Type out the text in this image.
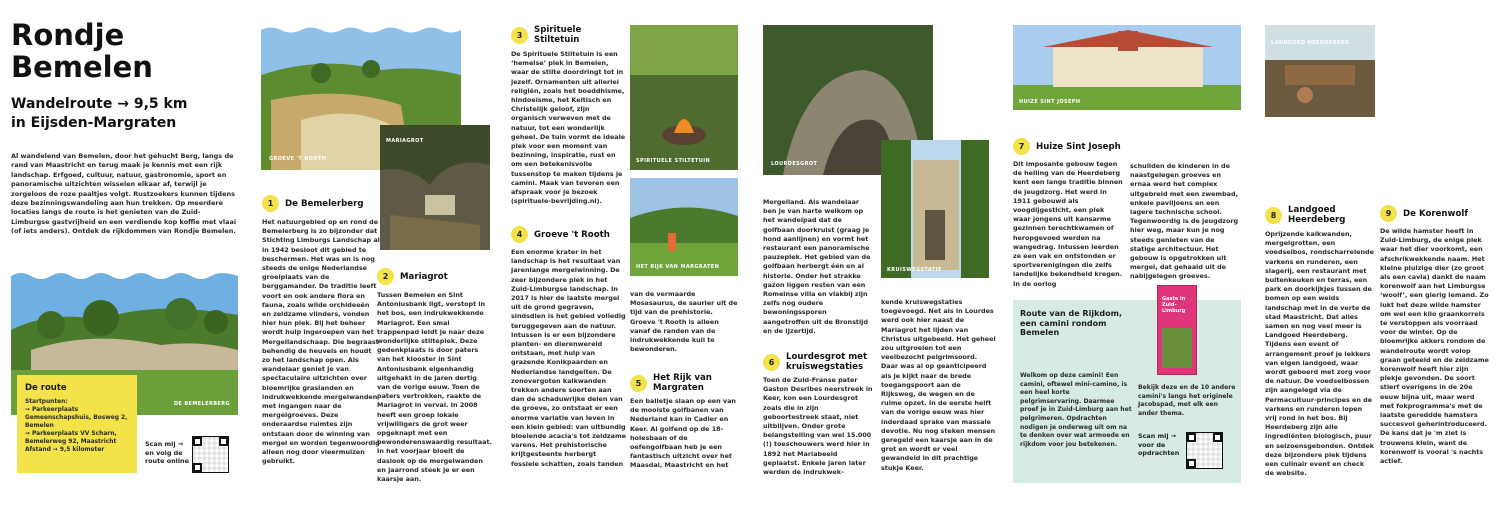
Rondje
Bemelen
Wandelroute → 9,5 km
in Eijsden-Margraten
Al wandelend van Bemelen, door het gehucht Berg, langs de rand van Maastricht en terug maak je kennis met een rijk landschap. Erfgoed, cultuur, natuur, gastronomie, sport en panoramische uitzichten wisselen elkaar af, terwijl je zorgeloos de roze paaltjes volgt. Rustzoekers kunnen tijdens deze bezinningswandeling aan hun trekken. Op meerdere locaties langs de route is het genieten van de Zuid-Limburgse gastvrijheid en een verdiende kop koffie met vlaai (of iets anders). Ontdek de rijkdommen van Rondje Bemelen.
DE BEMELERBERG
De route
Startpunten:
→ Parkeerplaats Gemeenschapshuis, Bosweg 2, Bemelen
→ Parkeerplaats VV Scharn, Bemelerweg 92, Maastricht
Afstand → 9,5 kilometer
Scan mij → en volg de route online
GROEVE 'T ROOTH
MARIAGROT
1	De Bemelerberg
Het natuurgebied op en rond de Bemelerberg is zo bijzonder dat Stichting Limburgs Landschap al in 1942 besloot dit gebied te beschermen. Het was en is nog steeds de enige Nederlandse groeiplaats van de berggamander. De traditie leeft voort en ook andere flora en fauna, zoals wilde orchideeën en zeldzame vlinders, vonden hier hun plek. Bij het beheer wordt hulp ingeroepen van het Mergellandschaap. Die begraast behendig de heuvels en houdt zo het landschap open. Als wandelaar geniet je van spectaculaire uitzichten over bloemrijke graslanden en indrukwekkende mergelwanden met ingangen naar de mergelgroeves. Deze onderaardse ruimtes zijn ontstaan door de winning van mergel en worden tegenwoordig alleen nog door vleermuizen gebruikt.
2	Mariagrot
Tussen Bemelen en Sint Antoniusbank ligt, verstopt in het bos, een indrukwekkende Mariagrot. Een smal trappenpad leidt je naar deze wonderlijke stilteplek. Deze gedenkplaats is door paters van het klooster in Sint Antoniusbank eigenhandig uitgehakt in de jaren dertig van de vorige eeuw. Toen de paters vertrokken, raakte de Mariagrot in verval. In 2008 heeft een groep lokale vrijwilligers de grot weer opgeknapt met een bewonderenswaardig resultaat. In het voorjaar bloeit de daslook op de mergelwanden en jaarrond steek je er een kaarsje aan.
3	Spirituele Stiltetuin
De Spirituele Stiltetuin is een ‘hemelse’ plek in Bemelen, waar de stilte doordringt tot in jezelf. Ornamenten uit allerlei religiën, zoals het boeddhisme, hindoeïsme, het Keltisch en Christelijk geloof, zijn organisch verweven met de natuur, tot een wonderlijk geheel. De tuin vormt de ideale plek voor een moment van bezinning, inspiratie, rust en om een betekenisvolle tussenstop te maken tijdens je camini. Maak van tevoren een afspraak voor je bezoek (spirituele-bevrijding.nl).
4	Groeve 't Rooth
Een enorme krater in het landschap is het resultaat van jarenlange mergelwinning. De zeer bijzondere plek in het Zuid-Limburgse landschap. In 2017 is hier de laatste mergel uit de grond gegraven, sindsdien is het gebied volledig teruggegeven aan de natuur. Intussen is er een bijzondere planten- en dierenwereld ontstaan, met hulp van grazende Konikpaarden en Nederlandse landgeiten. De zonovergoten kalkwanden trekken andere soorten aan dan de schaduwrijke delen van de groeve, zo ontstaat er een enorme variatie van leven in een klein gebied: van uitbundig bloeiende acacia's tot zeldzame varens. Het prehistorische krijtgesteente herbergt fossiele schatten, zoals tanden
SPIRITUELE STILTETUIN
HET RIJK VAN MARGRATEN
van de vermaarde Mosasaurus, de saurier uit de tijd van de prehistorie. Groeve 't Rooth is alleen vanaf de randen van de indrukwekkende kuil te bewonderen.
5	Het Rijk van Margraten
Een balletje slaan op een van de mooiste golfbanen van Nederland kan in Cadier en Keer. Al golfend op de 18-holesbaan of de oefengolfbaan heb je een fantastisch uitzicht over het Maasdal, Maastricht en het
LOURDESGROT
KRUISWEGSTATIE
Mergelland. Als wandelaar ben je van harte welkom op het wandelpad dat de golfbaan doorkruist (graag je hond aanlijnen) en vormt het restaurant een panoramische pauzeplek. Het gebied van de golfbaan herbergt één en al historie. Onder het strakke gazon liggen resten van een Romeinse villa en vlakbij zijn zelfs nog oudere bewoningssporen aangetroffen uit de Bronstijd en de IJzertijd.
6	Lourdesgrot met kruiswegstaties
Toen de Zuid-Franse pater Gaston Desribes neerstreek in Keer, kon een Lourdesgrot zoals die in zijn geboortestreek staat, niet uitblijven. Onder grote belangstelling van wel 15.000 (!) toeschouwers werd hier in 1892 het Mariabeeld geplaatst. Enkele jaren later werden de indrukwek-
kende kruiswegstaties toegevoegd. Net als in Lourdes werd ook hier naast de Mariagrot het lijden van Christus uitgebeeld. Het geheel zou uitgroeien tot een veelbezocht pelgrimsoord. Daar was al op geanticipeerd als je kijkt naar de brede toegangspoort aan de Rijksweg, de wegen en de ruime opzet. In de eerste helft van de vorige eeuw was hier inderdaad sprake van massale devotie. Nu nog steken mensen geregeld een kaarsje aan in de grot en wordt er veel gewandeld in dit prachtige stukje Keer.
HUIZE SINT JOSEPH
7	Huize Sint Joseph
Dit imposante gebouw tegen de helling van de Heerdeberg kent een lange traditie binnen de jeugdzorg. Het werd in 1911 gebouwd als voogdijgesticht, een plek waar jongens uit kansarme gezinnen terechtkwamen of heropgevoed werden na wangedrag. Intussen leerden ze een vak en ontstonden er sportverenigingen die zelfs landelijke bekendheid kregen. In de oorlog
schuilden de kinderen in de naastgelegen groeves en ernaa werd het complex uitgebreid met een zwembad, enkele paviljoens en een lagere technische school. Tegenwoordig is de jeugdzorg hier weg, maar kun je nog steeds genieten van de statige architectuur. Het gebouw is opgetrokken uit mergel, dat gehaald uit de nabijgelegen groeves.
Route van de Rijkdom, een camini rondom Bemelen
Welkom op deze camini! Een camini, oftewel mini-camino, is een heel korte pelgrimservaring. Daarmee proef je in Zuid-Limburg aan het pelgrimeren. Opdrachten nodigen je onderweg uit om na te denken over wat armoede en rijkdom voor jou betekenen.
Gaste in Zuid-Limburg
Bekijk deze en de 10 andere camini's langs het originele Jacobspad, met elk een ander thema.
Scan mij → voor de opdrachten
LANDGOED HEERDEBERG
LEEFGEBIED VAN DE KORENWOLF
8	Landgoed Heerdeberg
Oprijzende kalkwanden, mergelgrotten, een voedselbos, rondscharrelende varkens en runderen, een slagerij, een restaurant met buitenkeuken en terras, een park en doorkijkjes tussen de bomen op een weids landschap met in de verte de stad Maastricht. Dat alles samen en nog veel meer is Landgoed Heerdeberg. Tijdens een event of arrangement proef je lekkers van eigen landgoed, waar wordt geboerd met zorg voor de natuur. De voedselbossen zijn aangelegd via de Permacultuur-principes en de varkens en runderen lopen vrij rond in het bos. Bij Heerdeberg zijn alle ingrediënten biologisch, puur en seizoensgebonden. Ontdek deze bijzondere plek tijdens een culinair event en check de website.
9	De Korenwolf
De wilde hamster heeft in Zuid-Limburg, de enige plek waar het dier voorkomt, een afschrikwekkende naam. Het kleine pluizige dier (zo groot als een cavia) dankt de naam korenwolf aan het Limburgse ‘woolf’, een gierig lemand. Zo lukt het deze wilde hamster om wel een kilo graankorrels te verstoppen als voorraad voor de winter. Op de bloemrijke akkers rondom de wandelroute wordt volop graan geteeld en de zeldzame korenwolf heeft hier zijn plekje gevonden. De soort stierf overigens in de 20e eeuw bijna uit, maar werd met fokprogramma's met de laatste gereddde hamsters succesvol geherintroduceerd. De kans dat je 'm ziet is trouwens klein, want de korenwolf is vooral 's nachts actief.
